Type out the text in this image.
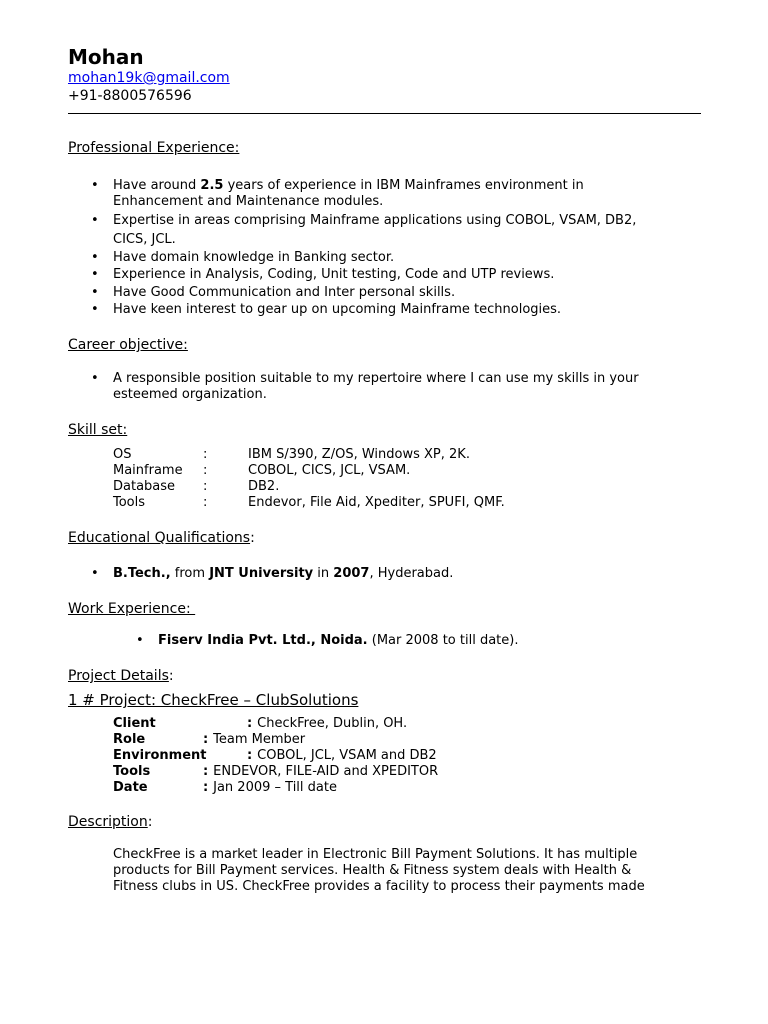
Mohan
mohan19k@gmail.com
+91-8800576596
Professional Experience:
• Have around 2.5 years of experience in IBM Mainframes environment in
Enhancement and Maintenance modules.
• Expertise in areas comprising Mainframe applications using COBOL, VSAM, DB2,
CICS, JCL.
• Have domain knowledge in Banking sector.
• Experience in Analysis, Coding, Unit testing, Code and UTP reviews.
• Have Good Communication and Inter personal skills.
• Have keen interest to gear up on upcoming Mainframe technologies.
Career objective:
• A responsible position suitable to my repertoire where I can use my skills in your
esteemed organization.
Skill set:
OS	:	IBM S/390, Z/OS, Windows XP, 2K.
Mainframe :	COBOL, CICS, JCL, VSAM.
Database :	DB2.
Tools	:	Endevor, File Aid, Xpediter, SPUFI, QMF.
Educational Qualifications:
• B.Tech., from JNT University in 2007, Hyderabad.
Work Experience:
• Fiserv India Pvt. Ltd., Noida. (Mar 2008 to till date).
Project Details:
1 # Project: CheckFree – ClubSolutions
Client	: CheckFree, Dublin, OH.
Role	: Team Member
Environment	: COBOL, JCL, VSAM and DB2
Tools	: ENDEVOR, FILE-AID and XPEDITOR
Date	: Jan 2009 – Till date
Description:
CheckFree is a market leader in Electronic Bill Payment Solutions. It has multiple
products for Bill Payment services. Health & Fitness system deals with Health &
Fitness clubs in US. CheckFree provides a facility to process their payments made
